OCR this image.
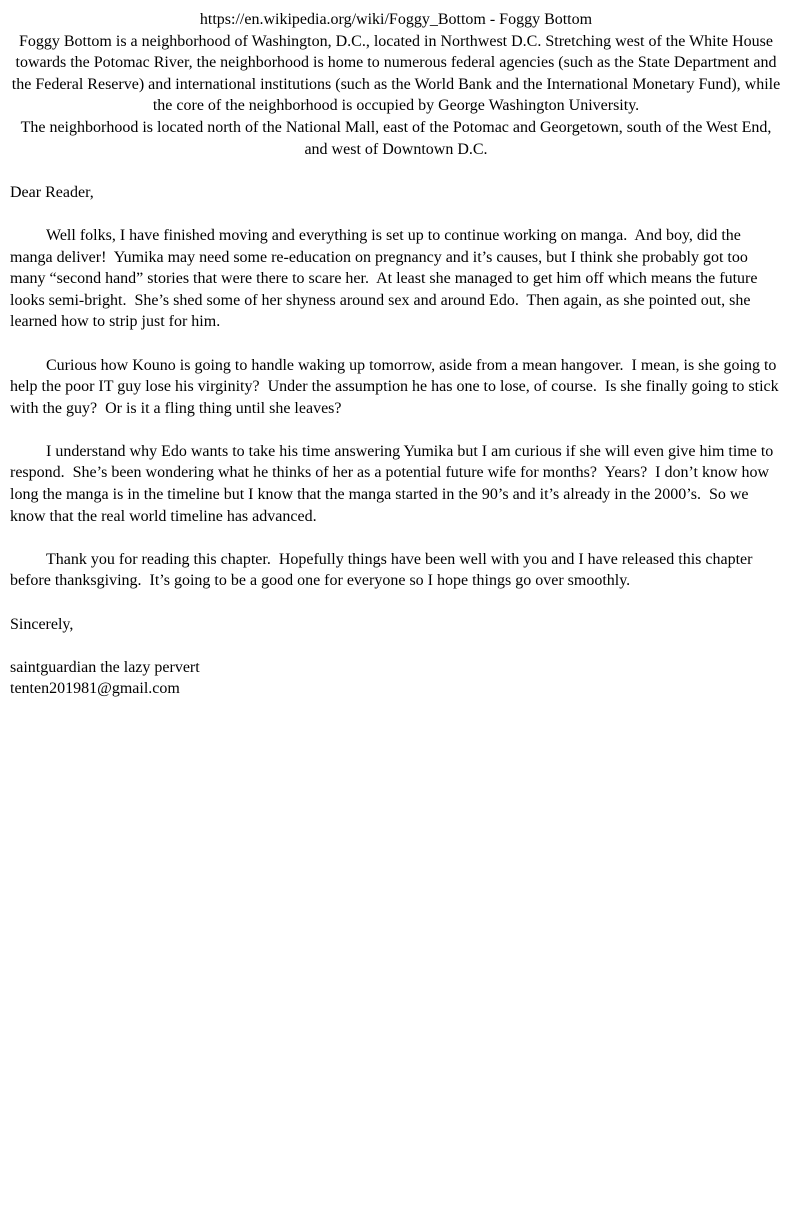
https://en.wikipedia.org/wiki/Foggy_Bottom - Foggy Bottom
Foggy Bottom is a neighborhood of Washington, D.C., located in Northwest D.C. Stretching west of the White House towards the Potomac River, the neighborhood is home to numerous federal agencies (such as the State Department and the Federal Reserve) and international institutions (such as the World Bank and the International Monetary Fund), while the core of the neighborhood is occupied by George Washington University.
The neighborhood is located north of the National Mall, east of the Potomac and Georgetown, south of the West End, and west of Downtown D.C.
Dear Reader,
Well folks, I have finished moving and everything is set up to continue working on manga.  And boy, did the manga deliver!  Yumika may need some re-education on pregnancy and it’s causes, but I think she probably got too many “second hand” stories that were there to scare her.  At least she managed to get him off which means the future looks semi-bright.  She’s shed some of her shyness around sex and around Edo.  Then again, as she pointed out, she learned how to strip just for him.
Curious how Kouno is going to handle waking up tomorrow, aside from a mean hangover.  I mean, is she going to help the poor IT guy lose his virginity?  Under the assumption he has one to lose, of course.  Is she finally going to stick with the guy?  Or is it a fling thing until she leaves?
I understand why Edo wants to take his time answering Yumika but I am curious if she will even give him time to respond.  She’s been wondering what he thinks of her as a potential future wife for months?  Years?  I don’t know how long the manga is in the timeline but I know that the manga started in the 90’s and it’s already in the 2000’s.  So we know that the real world timeline has advanced.
Thank you for reading this chapter.  Hopefully things have been well with you and I have released this chapter before thanksgiving.  It’s going to be a good one for everyone so I hope things go over smoothly.
Sincerely,
saintguardian the lazy pervert
tenten201981@gmail.com
